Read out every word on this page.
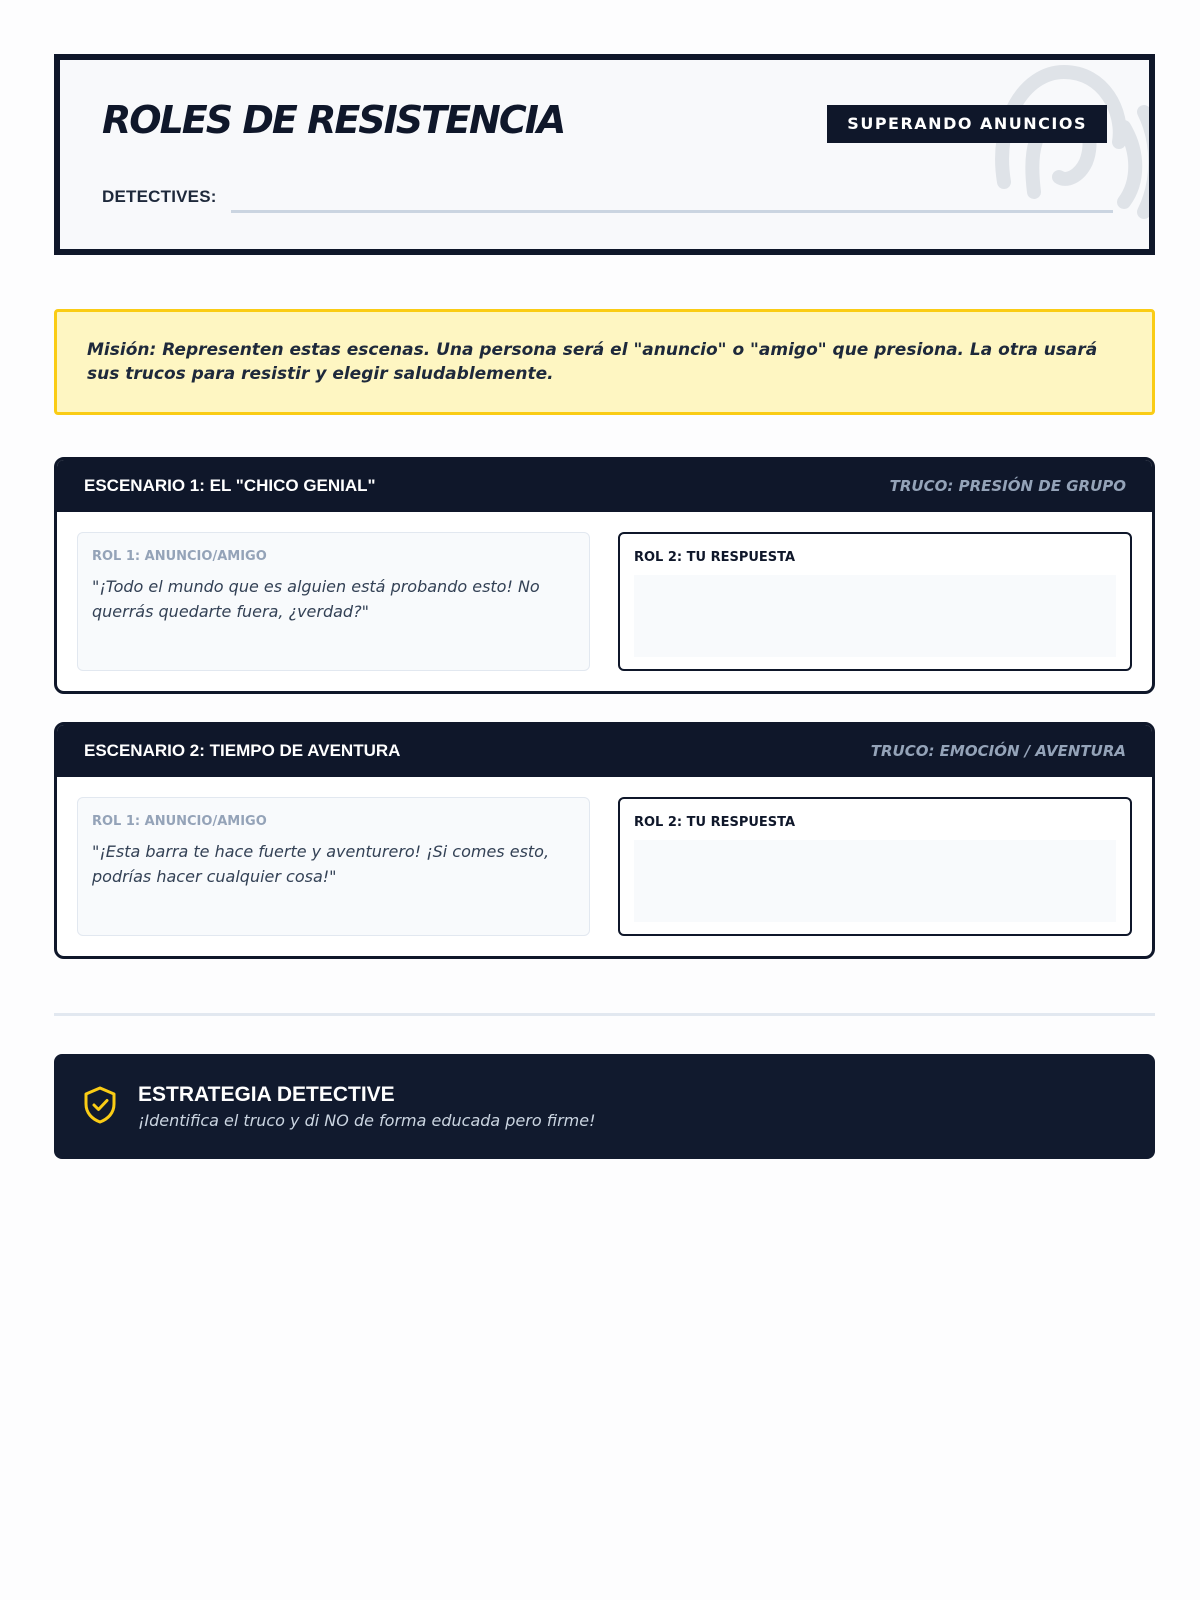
ROLES DE RESISTENCIA	SUPERANDO ANUNCIOS
DETECTIVES:
Misión: Representen estas escenas. Una persona será el "anuncio" o "amigo" que presiona. La otra usará sus trucos para resistir y elegir saludablemente.
ESCENARIO 1: EL "CHICO GENIAL"	TRUCO: PRESIÓN DE GRUPO
ROL 1: ANUNCIO/AMIGO
"¡Todo el mundo que es alguien está probando esto! No querrás quedarte fuera, ¿verdad?"
ROL 2: TU RESPUESTA
ESCENARIO 2: TIEMPO DE AVENTURA	TRUCO: EMOCIÓN / AVENTURA
ROL 1: ANUNCIO/AMIGO
"¡Esta barra te hace fuerte y aventurero! ¡Si comes esto, podrías hacer cualquier cosa!"
ROL 2: TU RESPUESTA
ESTRATEGIA DETECTIVE
¡Identifica el truco y di NO de forma educada pero firme!
